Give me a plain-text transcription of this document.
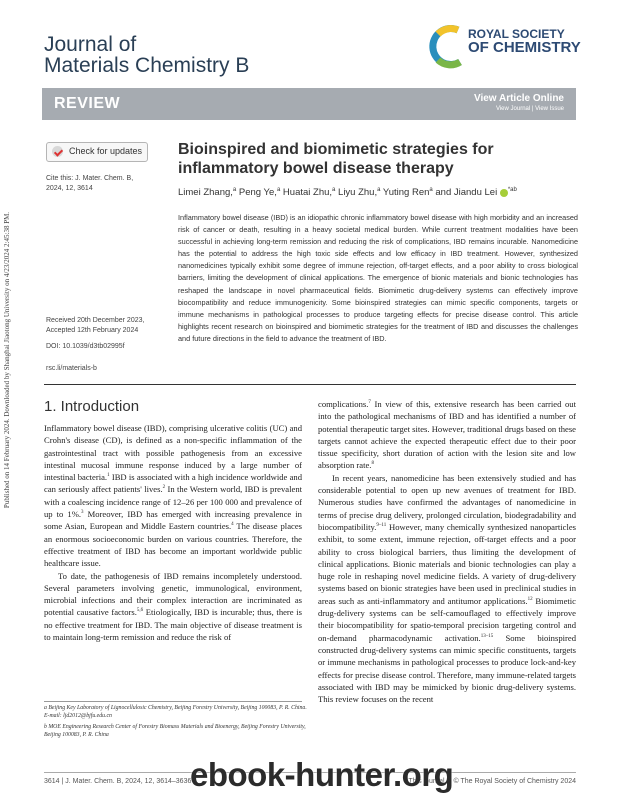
Published on 14 February 2024. Downloaded by Shanghai Jiaotong University on 4/23/2024 2:45:38 PM.
Journal of
Materials Chemistry B
ROYAL SOCIETY
OF CHEMISTRY
REVIEW	View Article Online
View Journal | View Issue
Check for updates
Cite this: J. Mater. Chem. B,
2024, 12, 3614
Received 20th December 2023,
Accepted 12th February 2024
DOI: 10.1039/d3tb02995f
rsc.li/materials-b
Bioinspired and biomimetic strategies for inflammatory bowel disease therapy
Limei Zhang,$^a$ Peng Ye,$^a$ Huatai Zhu,$^a$ Liyu Zhu,$^a$ Yuting Ren$^a$ and Jiandu Lei $^{*ab}$
Inflammatory bowel disease (IBD) is an idiopathic chronic inflammatory bowel disease with high morbidity and an increased risk of cancer or death, resulting in a heavy societal medical burden. While current treatment modalities have been successful in achieving long-term remission and reducing the risk of complications, IBD remains incurable. Nanomedicine has the potential to address the high toxic side effects and low efficacy in IBD treatment. However, synthesized nanomedicines typically exhibit some degree of immune rejection, off-target effects, and a poor ability to cross biological barriers, limiting the development of clinical applications. The emergence of bionic materials and bionic technologies has reshaped the landscape in novel pharmaceutical fields. Biomimetic drug-delivery systems can effectively improve biocompatibility and reduce immunogenicity. Some bioinspired strategies can mimic specific components, targets or immune mechanisms in pathological processes to produce targeting effects for precise disease control. This article highlights recent research on bioinspired and biomimetic strategies for the treatment of IBD and discusses the challenges and future directions in the field to advance the treatment of IBD.
1. Introduction

Inflammatory bowel disease (IBD), comprising ulcerative colitis (UC) and Crohn's disease (CD), is defined as a non-specific inflammation of the gastrointestinal tract with possible pathogenesis from an excessive intestinal mucosal immune response induced by a large number of intestinal bacteria.$^1$ IBD is associated with a high incidence worldwide and can seriously affect patients' lives.$^2$ In the Western world, IBD is prevalent with a coalescing incidence range of 12–26 per 100 000 and prevalence of up to 1%.$^3$ Moreover, IBD has emerged with increasing prevalence in some Asian, European and Middle Eastern countries.$^4$ The disease places an enormous socioeconomic burden on various countries. Therefore, the effective treatment of IBD has become an important worldwide public healthcare issue.

To date, the pathogenesis of IBD remains incompletely understood. Several parameters involving genetic, immunological, environment, microbial infections and their complex interaction are incriminated as potential causative factors.$^{5,6}$ Etiologically, IBD is incurable; thus, there is no effective treatment for IBD. The main objective of disease treatment is to maintain long-term remission and reduce the risk of

complications.$^7$ In view of this, extensive research has been carried out into the pathological mechanisms of IBD and has identified a number of potential therapeutic target sites. However, traditional drugs based on these targets cannot achieve the expected therapeutic effect due to their poor tissue specificity, short duration of action with the lesion site and low absorption rate.$^8$

In recent years, nanomedicine has been extensively studied and has considerable potential to open up new avenues of treatment for IBD. Numerous studies have confirmed the advantages of nanomedicine in terms of precise drug delivery, prolonged circulation, biodegradability and biocompatibility.$^{9-11}$ However, many chemically synthesized nanoparticles exhibit, to some extent, immune rejection, off-target effects and a poor ability to cross biological barriers, thus limiting the development of clinical applications. Bionic materials and bionic technologies can play a huge role in reshaping novel medicine fields. A variety of drug-delivery systems based on bionic strategies have been used in preclinical studies in areas such as anti-inflammatory and antitumor applications.$^{12}$ Biomimetic drug-delivery systems can be self-camouflaged to effectively improve their biocompatibility for spatio-temporal precision targeting control and on-demand pharmacodynamic activation.$^{13-15}$ Some bioinspired constructed drug-delivery systems can mimic specific constituents, targets or immune mechanisms in pathological processes to produce lock-and-key effects for precise disease control. Therefore, many immune-related targets associated with IBD may be mimicked by bionic drug-delivery systems. This review focuses on the recent

a Beijing Key Laboratory of Lignocellulosic Chemistry, Beijing Forestry University, Beijing 100083, P. R. China. E-mail: ljd2012@bjfu.edu.cn

b MOE Engineering Research Center of Forestry Biomass Materials and Bioenergy, Beijing Forestry University, Beijing 100083, P. R. China

3614 | J. Mater. Chem. B, 2024, 12, 3614–3636	This journal is © The Royal Society of Chemistry 2024
ebook-hunter.org
